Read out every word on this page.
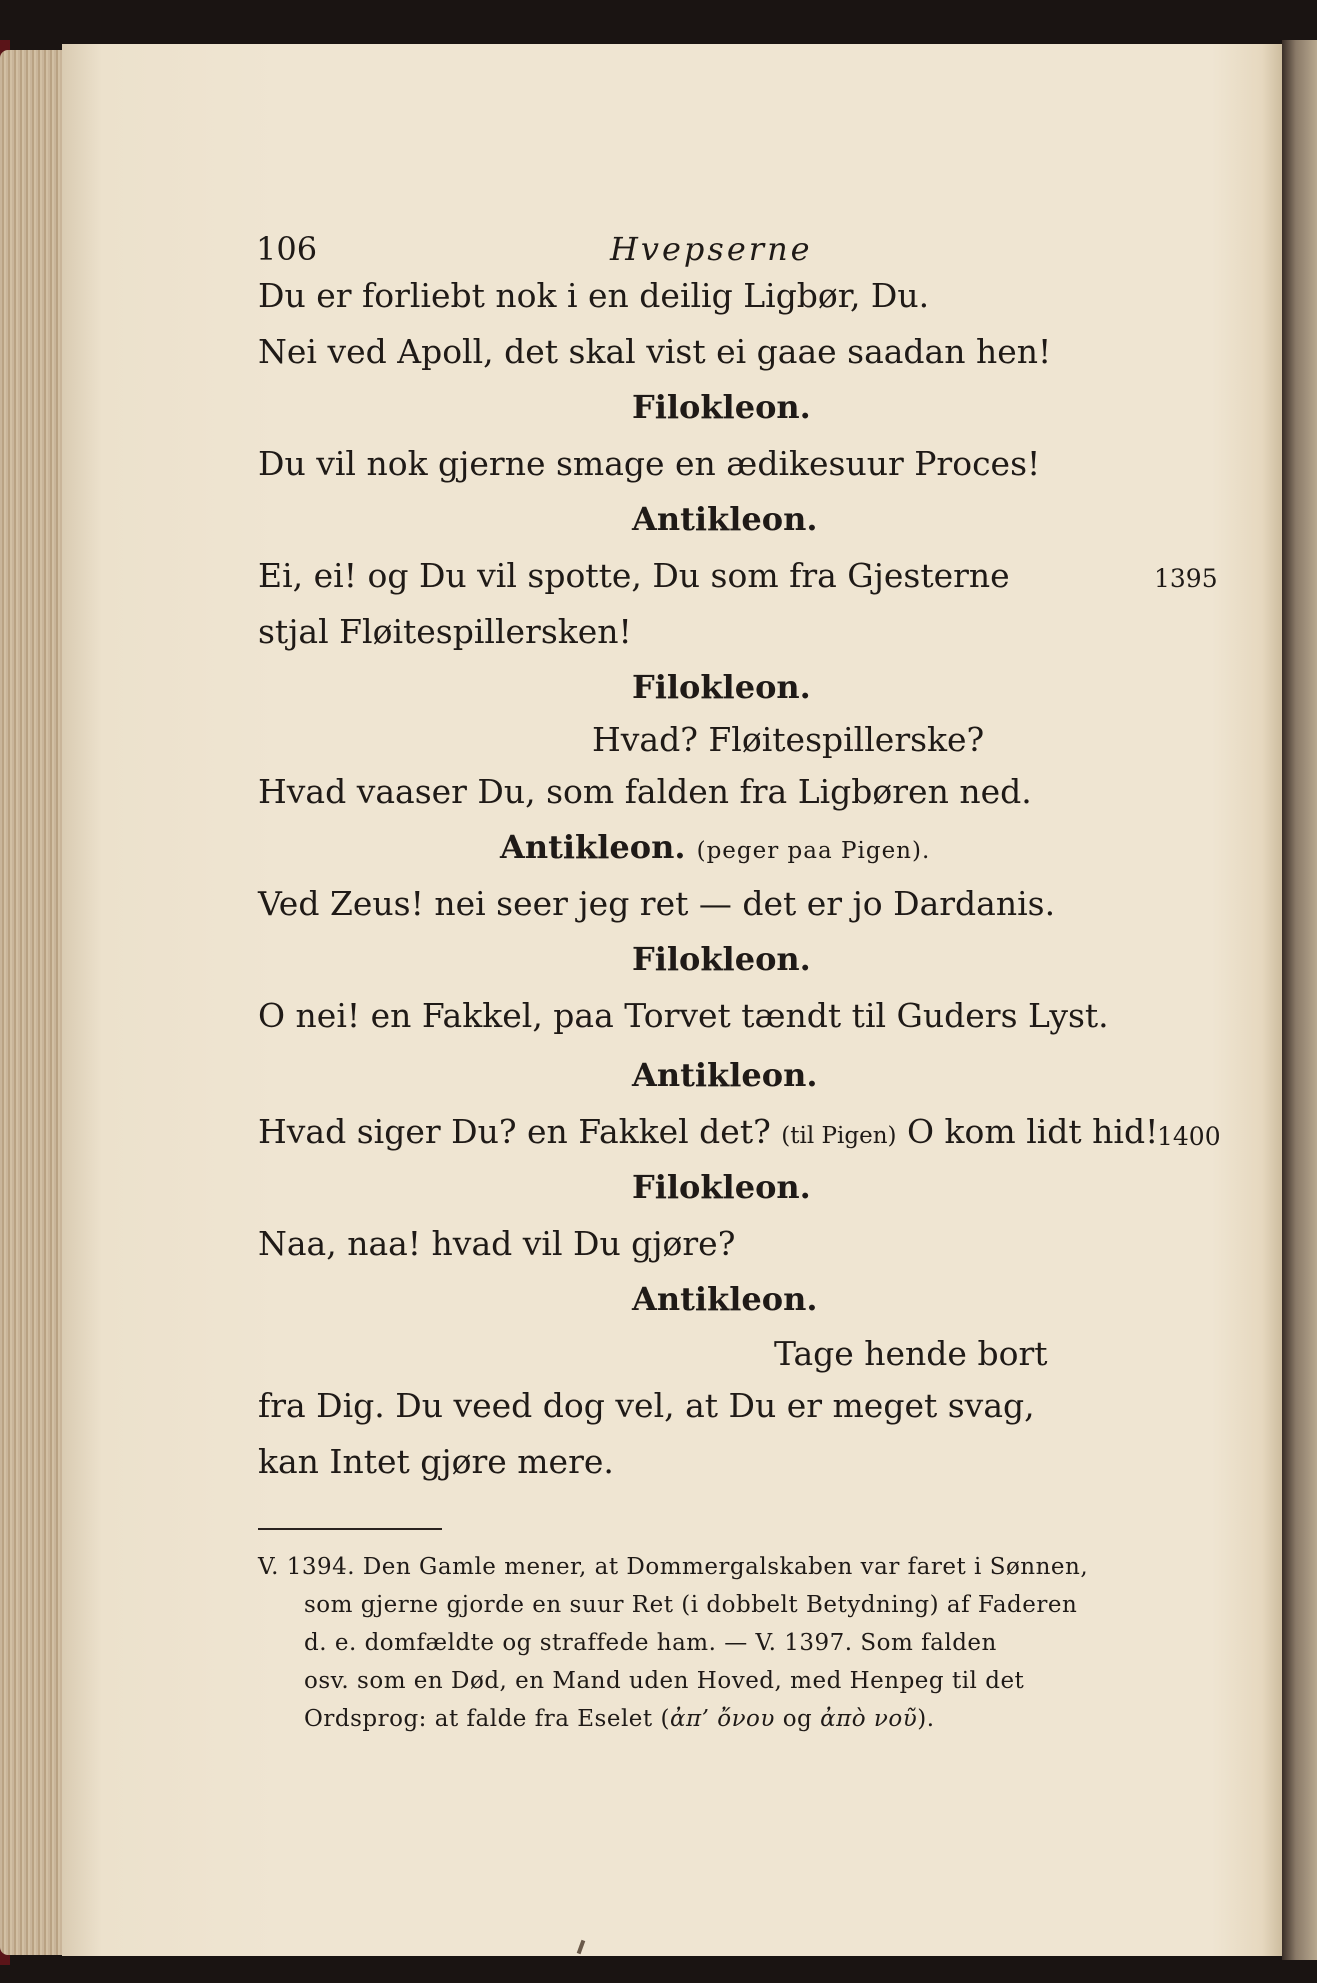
106	Hvepserne
Du er forliebt nok i en deilig Ligbør, Du.
Nei ved Apoll, det skal vist ei gaae saadan hen!
Filokleon.
Du vil nok gjerne smage en ædikesuur Proces!
Antikleon.
Ei, ei! og Du vil spotte, Du som fra Gjesterne	1395
stjal Fløitespillersken!
Filokleon.
Hvad? Fløitespillerske?
Hvad vaaser Du, som falden fra Ligbøren ned.
Antikleon. (peger paa Pigen).
Ved Zeus! nei seer jeg ret — det er jo Dardanis.
Filokleon.
O nei! en Fakkel, paa Torvet tændt til Guders Lyst.
Antikleon.
Hvad siger Du? en Fakkel det? (til Pigen) O kom lidt hid!
1400
Filokleon.
Naa, naa! hvad vil Du gjøre?
Antikleon.
Tage hende bort
fra Dig. Du veed dog vel, at Du er meget svag,
kan Intet gjøre mere.
V. 1394. Den Gamle mener, at Dommergalskaben var faret i Sønnen,
som gjerne gjorde en suur Ret (i dobbelt Betydning) af Faderen
d. e. domfældte og straffede ham. — V. 1397. Som falden
osv. som en Død, en Mand uden Hoved, med Henpeg til det
Ordsprog: at falde fra Eselet (ἀπ’ ὄνου og ἀπὸ νοῦ).
